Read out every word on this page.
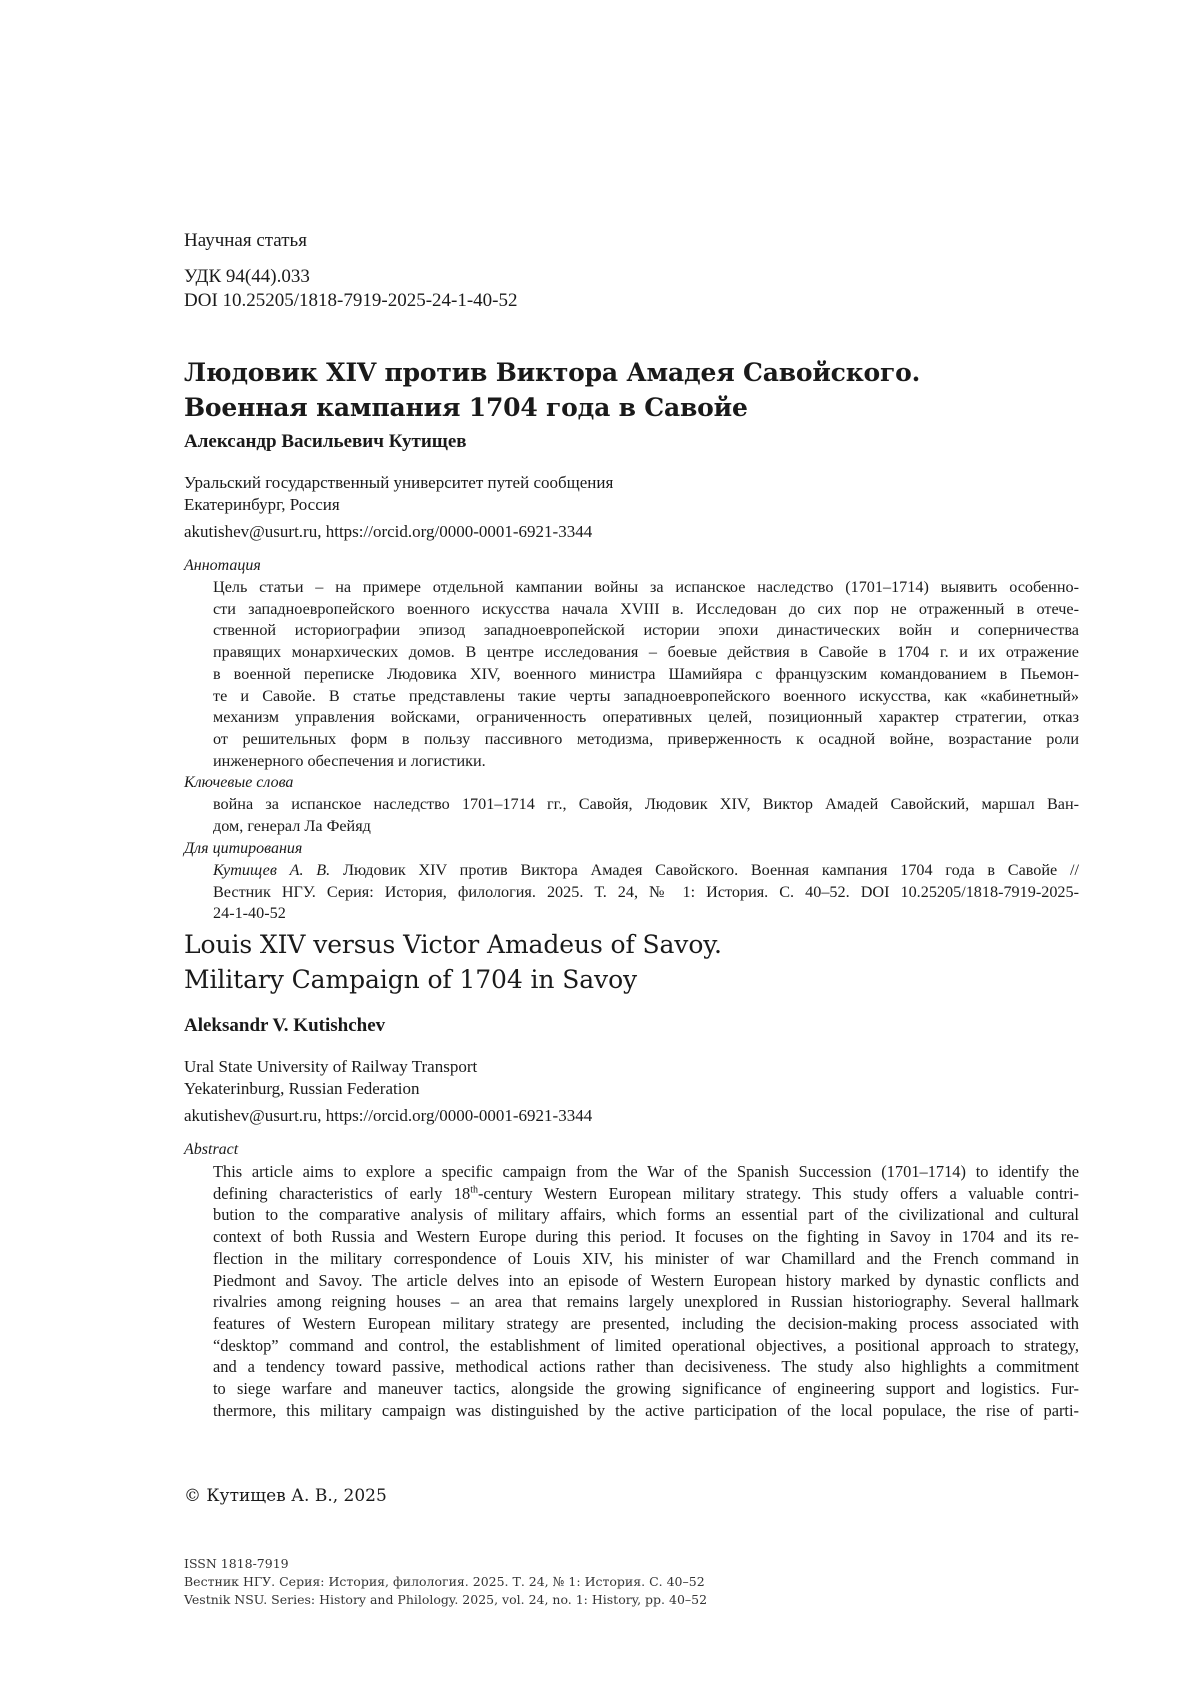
Научная статья
УДК 94(44).033
DOI 10.25205/1818-7919-2025-24-1-40-52
Людовик XIV против Виктора Амадея Савойского.
Военная кампания 1704 года в Савойе
Александр Васильевич Кутищев
Уральский государственный университет путей сообщения
Екатеринбург, Россия
akutishev@usurt.ru, https://orcid.org/0000-0001-6921-3344
Аннотация
Цель статьи – на примере отдельной кампании войны за испанское наследство (1701–1714) выявить особенно-
сти западноевропейского военного искусства начала XVIII в. Исследован до сих пор не отраженный в отече-
ственной историографии эпизод западноевропейской истории эпохи династических войн и соперничества
правящих монархических домов. В центре исследования – боевые действия в Савойе в 1704 г. и их отражение
в военной переписке Людовика XIV, военного министра Шамийяра с французским командованием в Пьемон-
те и Савойе. В статье представлены такие черты западноевропейского военного искусства, как «кабинетный»
механизм управления войсками, ограниченность оперативных целей, позиционный характер стратегии, отказ
от решительных форм в пользу пассивного методизма, приверженность к осадной войне, возрастание роли
инженерного обеспечения и логистики.
Ключевые слова
война за испанское наследство 1701–1714 гг., Савойя, Людовик XIV, Виктор Амадей Савойский, маршал Ван-
дом, генерал Ла Фейяд
Для цитирования
Кутищев А. В. Людовик XIV против Виктора Амадея Савойского. Военная кампания 1704 года в Савойе //
Вестник НГУ. Серия: История, филология. 2025. Т. 24, № 1: История. С. 40–52. DOI 10.25205/1818-7919-2025-
24-1-40-52
Louis XIV versus Victor Amadeus of Savoy.
Military Campaign of 1704 in Savoy
Aleksandr V. Kutishchev
Ural State University of Railway Transport
Yekaterinburg, Russian Federation
akutishev@usurt.ru, https://orcid.org/0000-0001-6921-3344
Abstract
This article aims to explore a specific campaign from the War of the Spanish Succession (1701–1714) to identify the
defining characteristics of early 18th-century Western European military strategy. This study offers a valuable contri-
bution to the comparative analysis of military affairs, which forms an essential part of the civilizational and cultural
context of both Russia and Western Europe during this period. It focuses on the fighting in Savoy in 1704 and its re-
flection in the military correspondence of Louis XIV, his minister of war Chamillard and the French command in
Piedmont and Savoy. The article delves into an episode of Western European history marked by dynastic conflicts and
rivalries among reigning houses – an area that remains largely unexplored in Russian historiography. Several hallmark
features of Western European military strategy are presented, including the decision-making process associated with
“desktop” command and control, the establishment of limited operational objectives, a positional approach to strategy,
and a tendency toward passive, methodical actions rather than decisiveness. The study also highlights a commitment
to siege warfare and maneuver tactics, alongside the growing significance of engineering support and logistics. Fur-
thermore, this military campaign was distinguished by the active participation of the local populace, the rise of parti-
© Кутищев А. В., 2025
ISSN 1818-7919
Вестник НГУ. Серия: История, филология. 2025. Т. 24, № 1: История. С. 40–52
Vestnik NSU. Series: History and Philology. 2025, vol. 24, no. 1: History, pp. 40–52
